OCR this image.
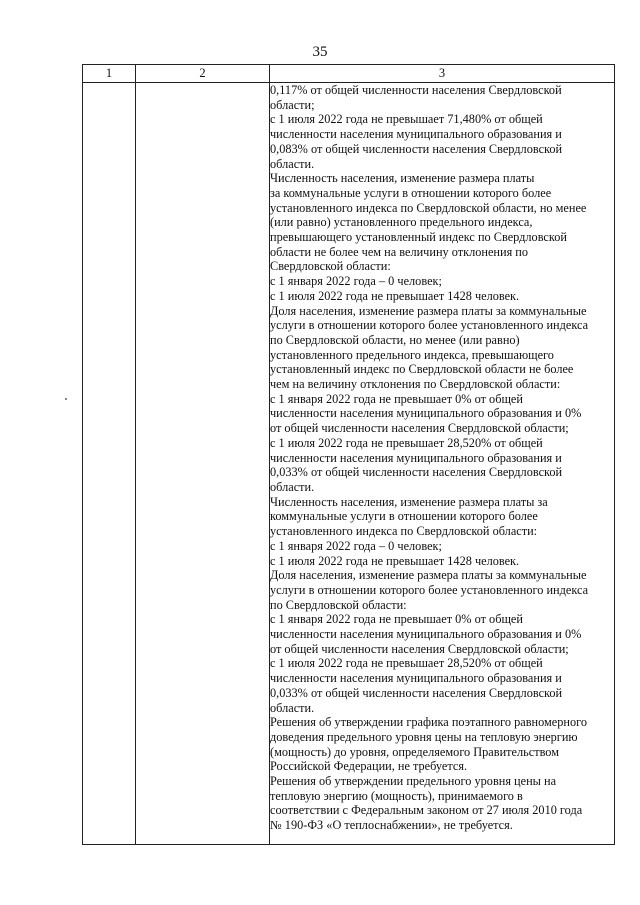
35
1	2	3

0,117% от общей численности населения Свердловской

области;

с 1 июля 2022 года не превышает 71,480% от общей

численности населения муниципального образования и

0,083% от общей численности населения Свердловской

области.

Численность населения, изменение размера платы

за коммунальные услуги в отношении которого более

установленного индекса по Свердловской области, но менее

(или равно) установленного предельного индекса,

превышающего установленный индекс по Свердловской

области не более чем на величину отклонения по

Свердловской области:

с 1 января 2022 года – 0 человек;

с 1 июля 2022 года не превышает 1428 человек.

Доля населения, изменение размера платы за коммунальные

услуги в отношении которого более установленного индекса

по Свердловской области, но менее (или равно)

установленного предельного индекса, превышающего

установленный индекс по Свердловской области не более

чем на величину отклонения по Свердловской области:

с 1 января 2022 года не превышает 0% от общей

численности населения муниципального образования и 0%

от общей численности населения Свердловской области;

с 1 июля 2022 года не превышает 28,520% от общей

численности населения муниципального образования и

0,033% от общей численности населения Свердловской

области.

Численность населения, изменение размера платы за

коммунальные услуги в отношении которого более

установленного индекса по Свердловской области:

с 1 января 2022 года – 0 человек;

с 1 июля 2022 года не превышает 1428 человек.

Доля населения, изменение размера платы за коммунальные

услуги в отношении которого более установленного индекса

по Свердловской области:

с 1 января 2022 года не превышает 0% от общей

численности населения муниципального образования и 0%

от общей численности населения Свердловской области;

с 1 июля 2022 года не превышает 28,520% от общей

численности населения муниципального образования и

0,033% от общей численности населения Свердловской

области.

Решения об утверждении графика поэтапного равномерного

доведения предельного уровня цены на тепловую энергию

(мощность) до уровня, определяемого Правительством

Российской Федерации, не требуется.

Решения об утверждении предельного уровня цены на

тепловую энергию (мощность), принимаемого в

соответствии с Федеральным законом от 27 июля 2010 года

№ 190-ФЗ «О теплоснабжении», не требуется.
